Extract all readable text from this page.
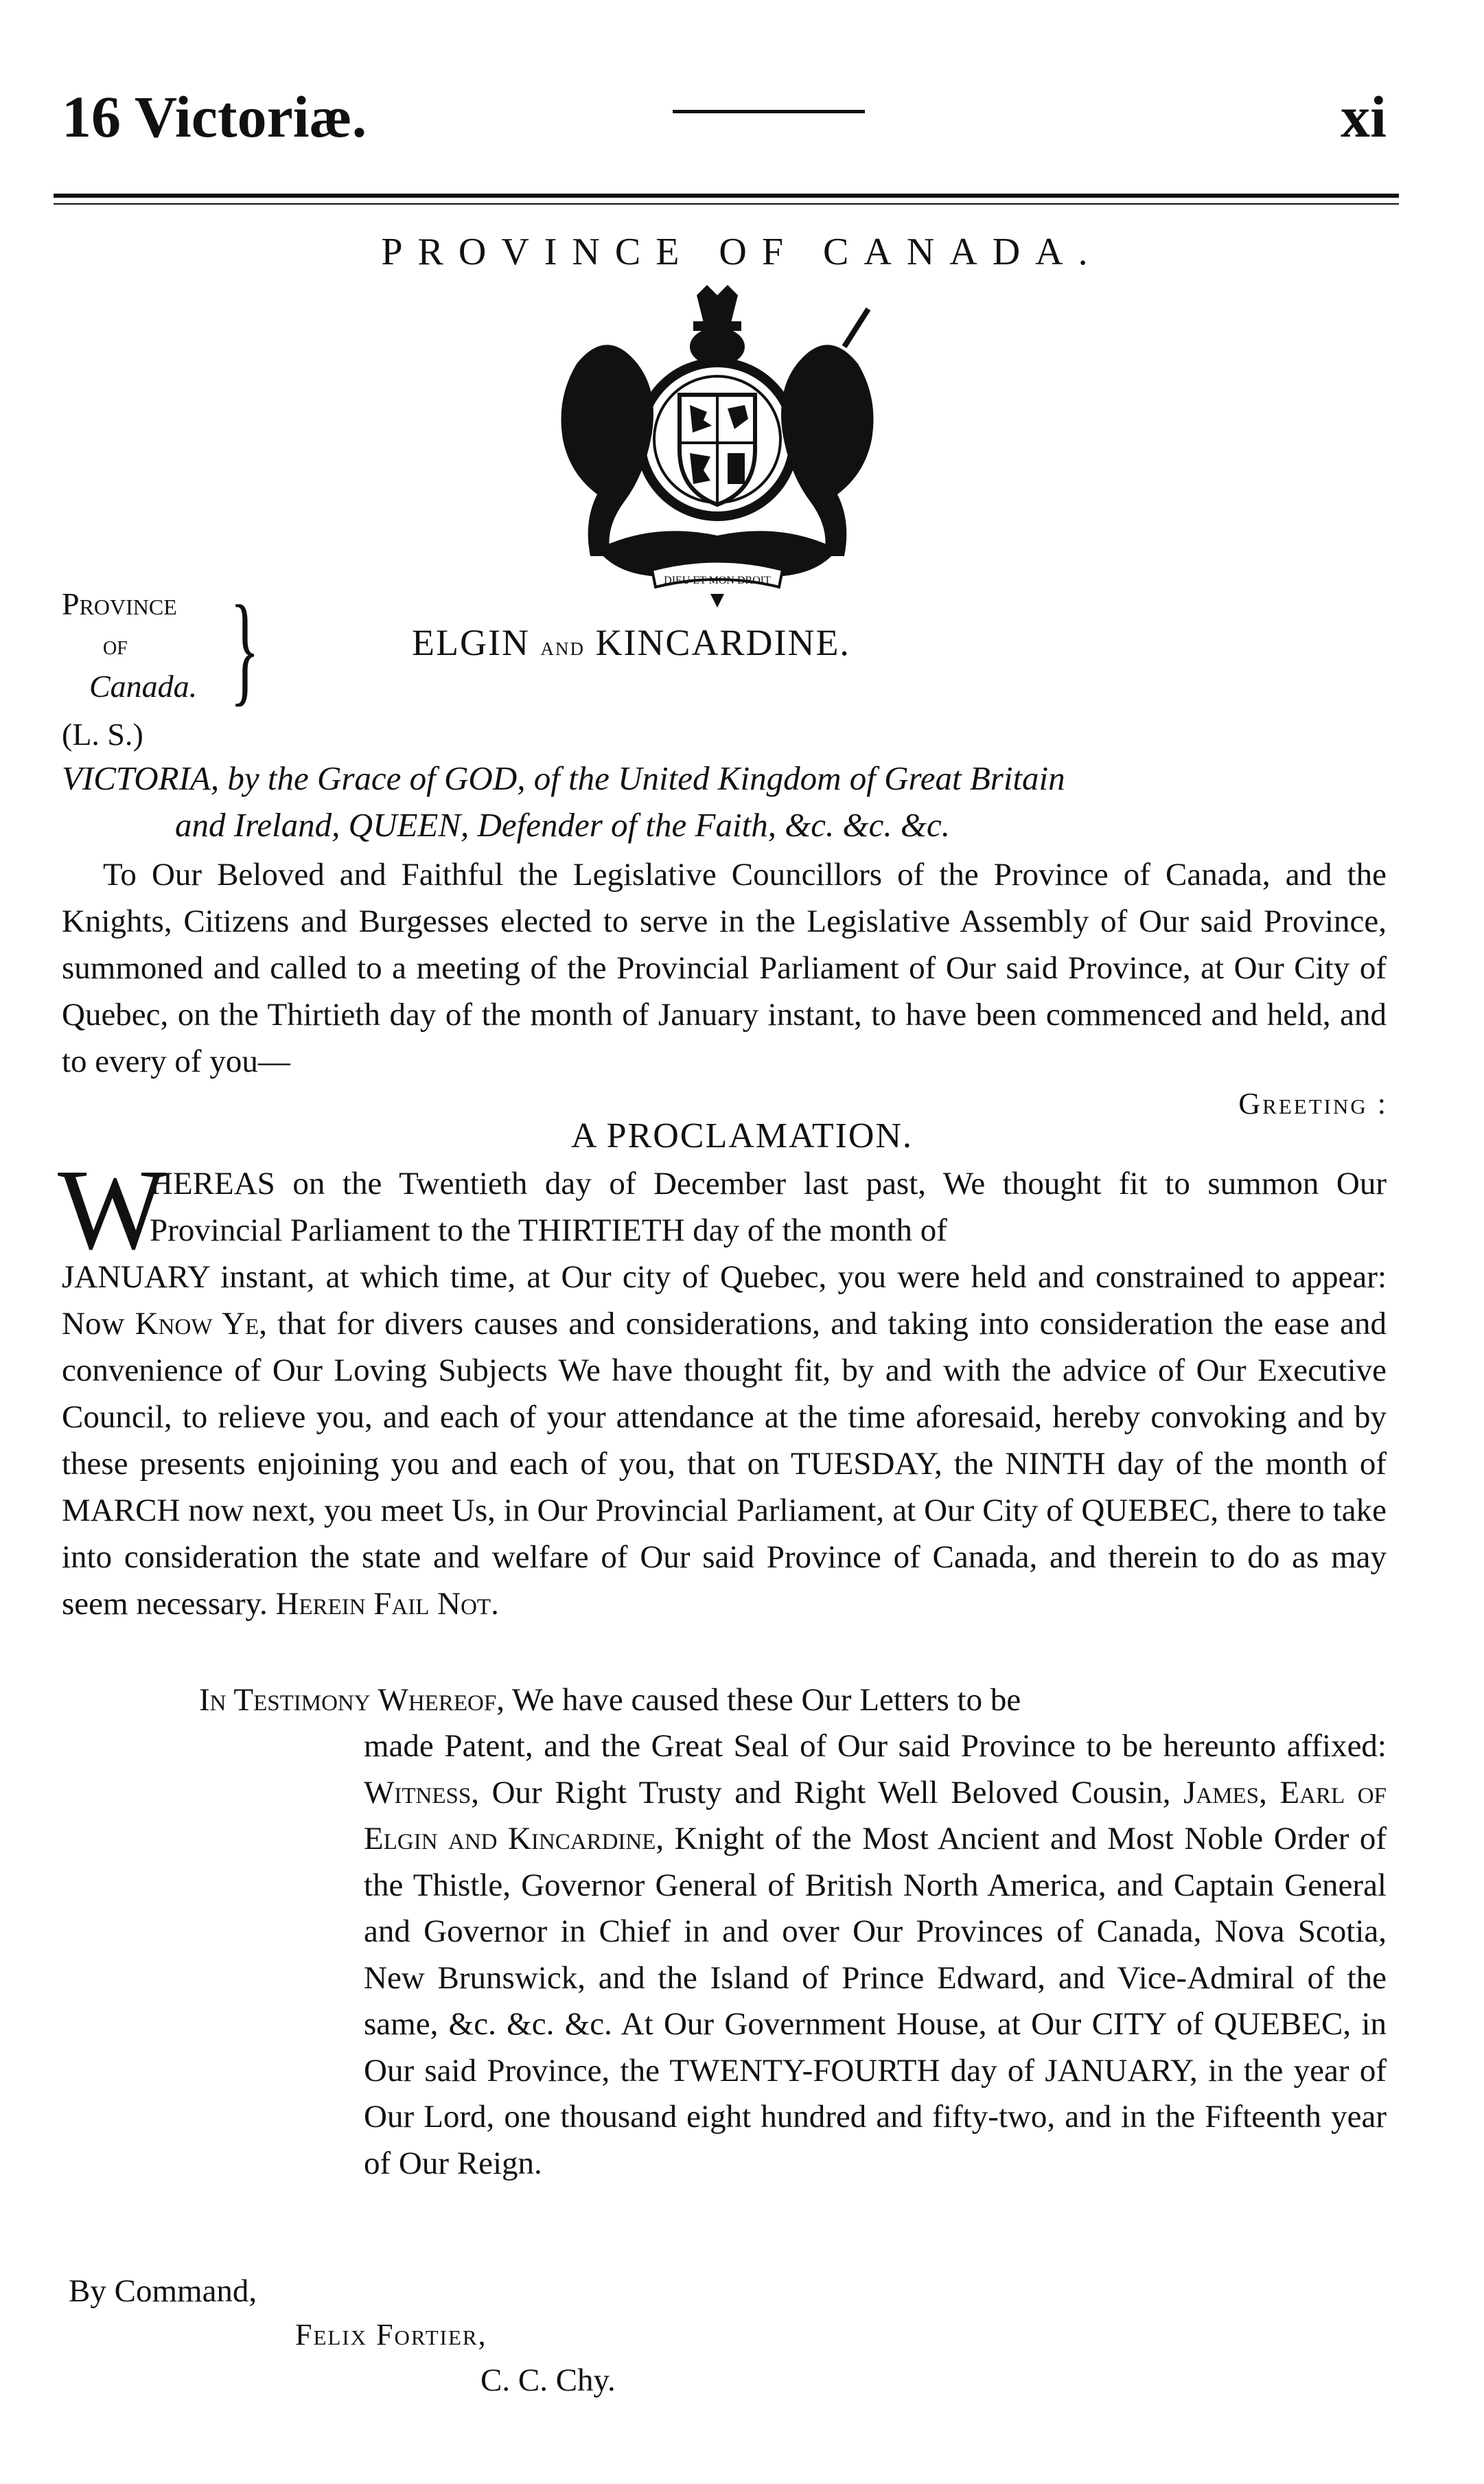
16 Victoriæ.	xi
PROVINCE OF CANADA.
DIEU ET MON DROIT
Province
of
Canada. }
(L. S.)
ELGIN and KINCARDINE.
VICTORIA, by the Grace of GOD, of the United Kingdom of Great Britain
and Ireland, QUEEN, Defender of the Faith, &c. &c. &c.
To Our Beloved and Faithful the Legislative Councillors of the Province of Canada, and the Knights, Citizens and Burgesses elected to serve in the Legislative Assembly of Our said Province, summoned and called to a meeting of the Provincial Parliament of Our said Province, at Our City of Quebec, on the Thirtieth day of the month of January instant, to have been commenced and held, and to every of you—
Greeting :
A PROCLAMATION.
W
HEREAS on the Twentieth day of December last past, We thought fit to summon Our Provincial Parliament to the THIRTIETH day of the month of
JANUARY instant, at which time, at Our city of Quebec, you were held and constrained to appear: Now Know Ye, that for divers causes and considerations, and taking into consideration the ease and convenience of Our Loving Subjects We have thought fit, by and with the advice of Our Executive Council, to relieve you, and each of your attendance at the time aforesaid, hereby convoking and by these presents enjoining you and each of you, that on TUESDAY, the NINTH day of the month of MARCH now next, you meet Us, in Our Provincial Parliament, at Our City of QUEBEC, there to take into consideration the state and welfare of Our said Province of Canada, and therein to do as may seem necessary. Herein Fail Not.
In Testimony Whereof, We have caused these Our Letters to be
made Patent, and the Great Seal of Our said Province to be hereunto affixed: Witness, Our Right Trusty and Right Well Beloved Cousin, James, Earl of Elgin and Kincardine, Knight of the Most Ancient and Most Noble Order of the Thistle, Governor General of British North America, and Captain General and Governor in Chief in and over Our Provinces of Canada, Nova Scotia, New Brunswick, and the Island of Prince Edward, and Vice-Admiral of the same, &c. &c. &c. At Our Government House, at Our CITY of QUEBEC, in Our said Province, the TWENTY-FOURTH day of JANUARY, in the year of Our Lord, one thousand eight hundred and fifty-two, and in the Fifteenth year of Our Reign.
By Command,
Felix Fortier,
C. C. Chy.
